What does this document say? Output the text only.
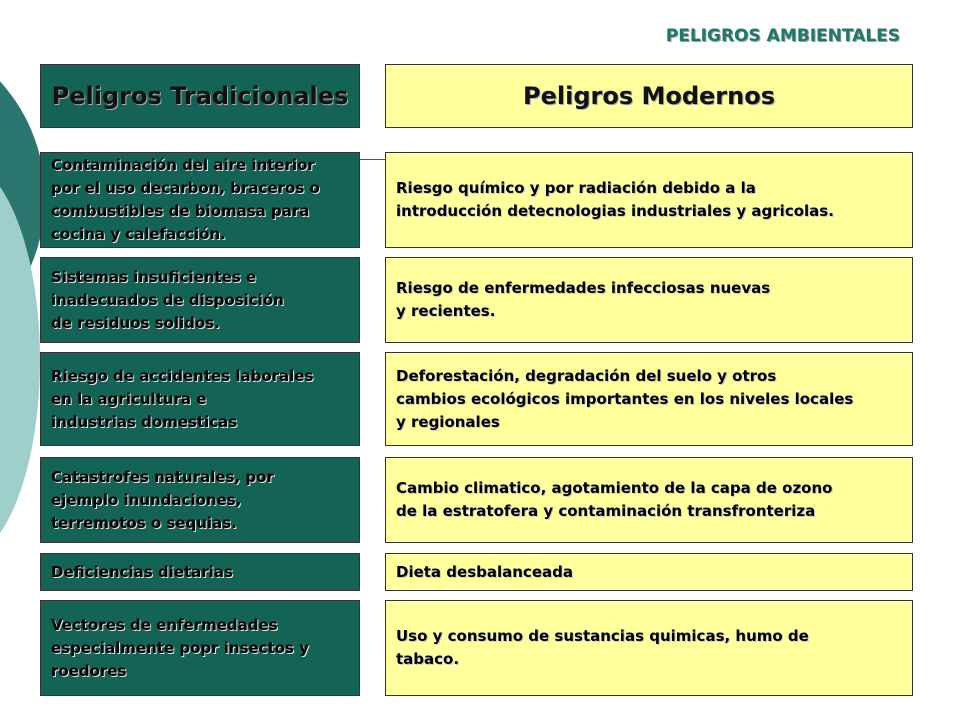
PELIGROS AMBIENTALES
Peligros Tradicionales	Peligros Modernos
Contaminación del aire interior
por el uso decarbon, braceros o
combustibles de biomasa para
cocina y calefacción.
Riesgo químico y por radiación debido a la
introducción detecnologias industriales y agricolas.
Sistemas insuficientes e
inadecuados de disposición
de residuos solidos.
Riesgo de enfermedades infecciosas nuevas
y recientes.
Riesgo de accidentes laborales
en la agricultura e
industrias domesticas
Deforestación, degradación del suelo y otros
cambios ecológicos importantes en los niveles locales
y regionales
Catastrofes naturales, por
ejemplo inundaciones,
terremotos o sequias.
Cambio climatico, agotamiento de la capa de ozono
de la estratofera y contaminación transfronteriza
Deficiencias dietarias	Dieta desbalanceada
Vectores de enfermedades
especialmente popr insectos y
roedores
Uso y consumo de sustancias quimicas, humo de
tabaco.
